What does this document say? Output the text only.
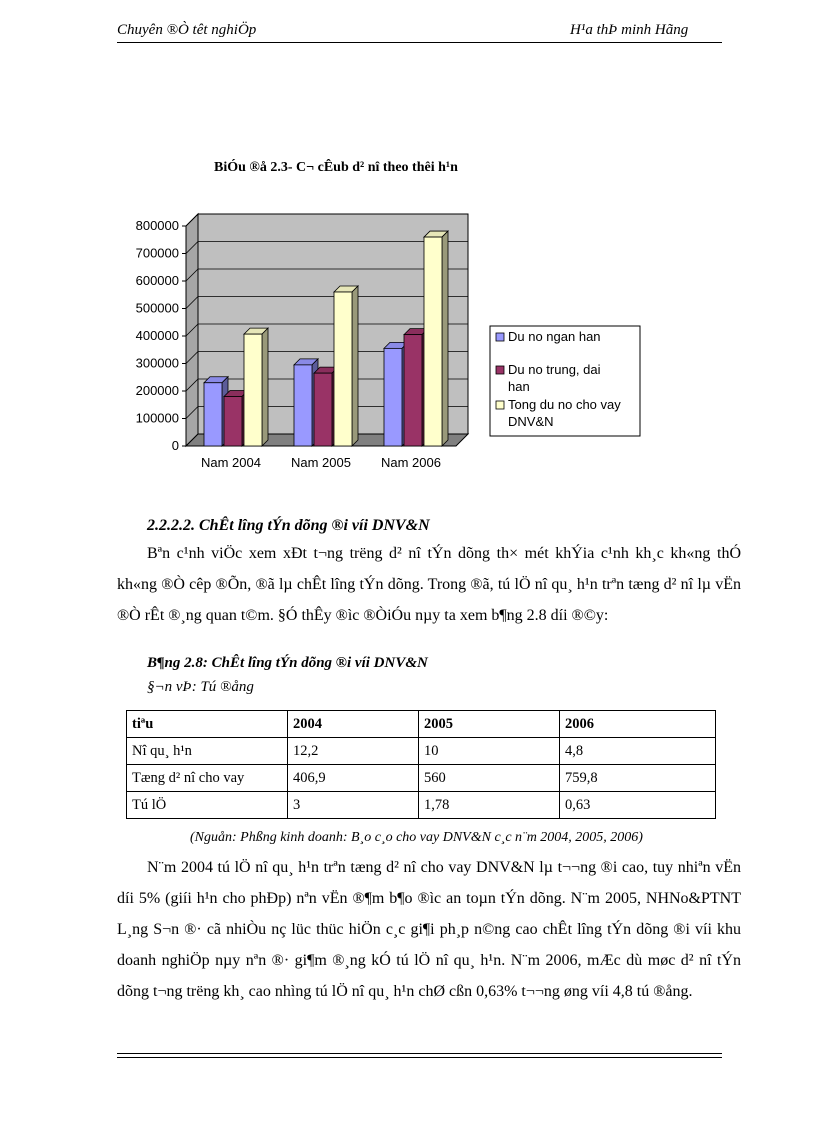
Chuyên ®Ò têt nghiÖp	H¹a thÞ minh Hãng
BiÓu ®å 2.3- C¬ cÊub d² nî theo thêi h¹n
0
100000
200000
300000
400000
500000
600000
700000
800000
Nam 2004 Nam 2005 Nam 2006
Du no ngan han
Du no trung, dai
han
Tong du no cho vay
DNV&N
2.2.2.2. ChÊt lîng tÝn dõng ®i víi DNV&N
Bªn c¹nh viÖc xem xÐt t¬ng trëng d² nî tÝn dõng th× mét khÝia c¹nh kh¸c kh«ng thÓ kh«ng ®Ò cêp ®Õn, ®ã lµ chÊt lîng tÝn dõng. Trong ®ã, tú lÖ nî qu¸ h¹n trªn tæng d² nî lµ vËn ®Ò rÊt ®¸ng quan t©m. §Ó thÊy ®ìc ®ÒiÓu nµy ta xem b¶ng 2.8 díi ®©y:
B¶ng 2.8: ChÊt lîng tÝn dõng ®i víi DNV&N
§¬n vÞ: Tú ®ång
tiªu	2004	2005	2006
Nî qu¸ h¹n	12,2	10	4,8
Tæng d² nî cho vay	406,9	560	759,8
Tú lÖ	3	1,78	0,63
(Nguån: Phßng kinh doanh: B¸o c¸o cho vay DNV&N c¸c n¨m 2004, 2005, 2006)
N¨m 2004 tú lÖ nî qu¸ h¹n trªn tæng d² nî cho vay DNV&N lµ t¬¬ng ®i cao, tuy nhiªn vËn díi 5% (giíi h¹n cho phÐp) nªn vËn ®¶m b¶o ®ìc an toµn tÝn dõng. N¨m 2005, NHNo&PTNT L¸ng S¬n ®· cã nhiÒu nç lüc thüc hiÖn c¸c gi¶i ph¸p n©ng cao chÊt lîng tÝn dõng ®i víi khu doanh nghiÖp nµy nªn ®· gi¶m ®¸ng kÓ tú lÖ nî qu¸ h¹n. N¨m 2006, mÆc dù møc d² nî tÝn dõng t¬ng trëng kh¸ cao nhìng tú lÖ nî qu¸ h¹n chØ cßn 0,63% t¬¬ng øng víi 4,8 tú ®ång.
